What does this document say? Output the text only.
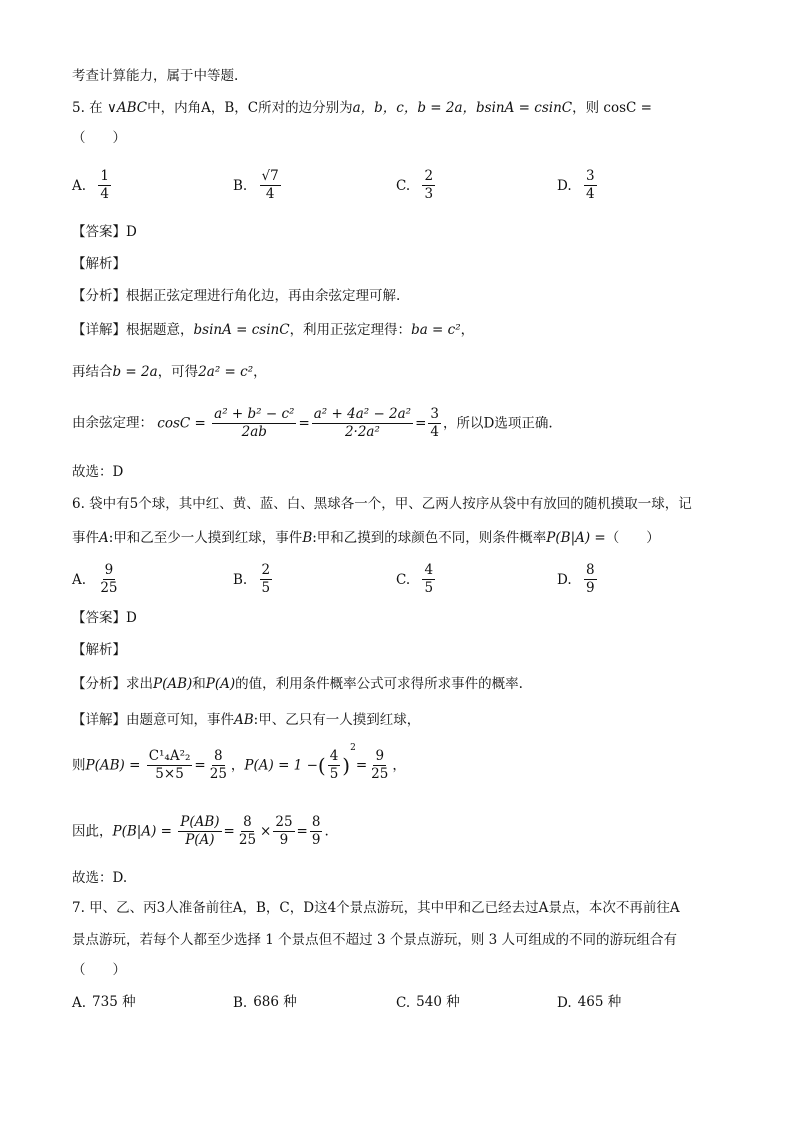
考查计算能力，属于中等题.
5. 在 ∨ABC中，内角A，B，C所对的边分别为a，b，c，b = 2a，bsinA = csinC，则 cosC =
（　　）
A. $\frac{1}{4}$	B. $\frac{√7}{4}$	C. $\frac{2}{3}$	D. $\frac{3}{4}$
【答案】D
【解析】
【分析】根据正弦定理进行角化边，再由余弦定理可解.
【详解】根据题意，bsinA = csinC，利用正弦定理得：ba = c²，
再结合b = 2a，可得2a² = c²，
由余弦定理： $\cos C = \frac{\text{a² + b² − c²}}{2ab} = \frac{\text{a² + 4a² − 2a²}}{\text{2·2a²}} = \frac{3}{4}$ ，所以D选项正确.
故选：D
6. 袋中有5个球，其中红、黄、蓝、白、黑球各一个，甲、乙两人按序从袋中有放回的随机摸取一球，记
事件A:甲和乙至少一人摸到红球，事件B:甲和乙摸到的球颜色不同，则条件概率P(B|A) =（　　）
A. $\frac{9}{25}$	B. $\frac{2}{5}$	C. $\frac{4}{5}$	D. $\frac{8}{9}$
【答案】D
【解析】
【分析】求出P(AB)和P(A)的值，利用条件概率公式可求得所求事件的概率.
【详解】由题意可知，事件AB:甲、乙只有一人摸到红球，
则$P(AB) = \frac{\text{C¹₄A²₂}}{5\times 5} = \frac{8}{25}$ ，P(A) = 1 −( $\frac{4}{5} )^2= \frac{9}{25}$ ，
因此，$P(B|A) = \frac{P(AB)}{P(A)} = \frac{8}{25} \times \frac{25}{9} = \frac{8}{9}$ .
故选：D.
7. 甲、乙、丙3人准备前往A，B，C，D这4个景点游玩，其中甲和乙已经去过A景点，本次不再前往A
景点游玩，若每个人都至少选择 1 个景点但不超过 3 个景点游玩，则 3 人可组成的不同的游玩组合有
（　　）
A. 735 种	B. 686 种	C. 540 种	D. 465 种
